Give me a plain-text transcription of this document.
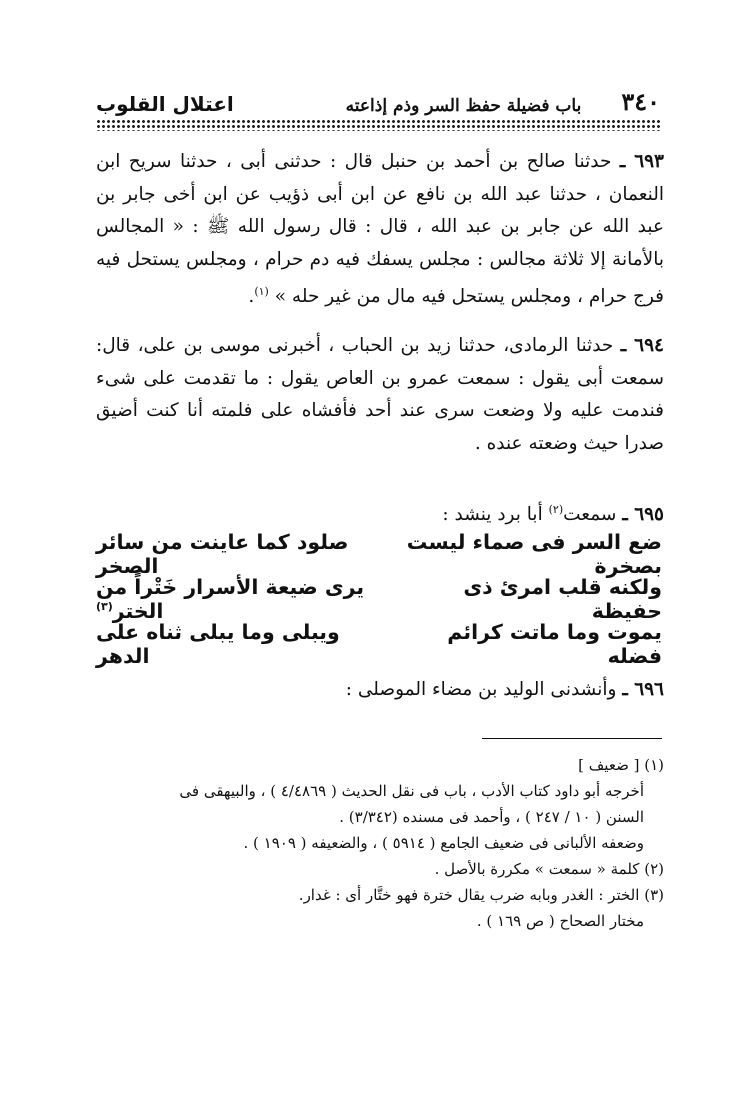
٣٤٠
باب فضيلة حفظ السر وذم إذاعته
اعتلال القلوب
٦٩٣ ـ حدثنا صالح بن أحمد بن حنبل قال : حدثنى أبى ، حدثنا سريح ابن النعمان ، حدثنا عبد الله بن نافع عن ابن أبى ذؤيب عن ابن أخى جابر بن عبد الله عن جابر بن عبد الله ، قال : قال رسول الله ﷺ : « المجالس بالأمانة إلا ثلاثة مجالس : مجلس يسفك فيه دم حرام ، ومجلس يستحل فيه فرج حرام ، ومجلس يستحل فيه مال من غير حله » $^{(١)}$.
٦٩٤ ـ حدثنا الرمادى، حدثنا زيد بن الحباب ، أخبرنى موسى بن على، قال: سمعت أبى يقول : سمعت عمرو بن العاص يقول : ما تقدمت على شىء فندمت عليه ولا وضعت سرى عند أحد فأفشاه على فلمته أنا كنت أضيق صدرا حيث وضعته عنده .
٦٩٥ ـ سمعت$^{(٢)}$ أبا برد ينشد :
ضع السر فى صماء ليست بصخرة
صلود كما عاينت من سائر الصخر
ولكنه قلب امرئ ذى حفيظة
يرى ضيعة الأسرار خَتْراً من الختر$^{(٣)}$
يموت وما ماتت كرائم فضله
ويبلى وما يبلى ثناه على الدهر
٦٩٦ ـ وأنشدنى الوليد بن مضاء الموصلى :
(١) [ ضعيف ]
أخرجه أبو داود كتاب الأدب ، باب فى نقل الحديث ( ٤/٤٨٦٩ ) ، والبيهقى فى
السنن ( ١٠ / ٢٤٧ ) ، وأحمد فى مسنده (٣/٣٤٢) .
وضعفه الألبانى فى ضعيف الجامع ( ٥٩١٤ ) ، والضعيفه ( ١٩٠٩ ) .
(٢) كلمة « سمعت » مكررة بالأصل .
(٣) الختر : الغدر وبابه ضرب يقال خترة فهو ختَّار أى : غدار.
مختار الصحاح ( ص ١٦٩ ) .
